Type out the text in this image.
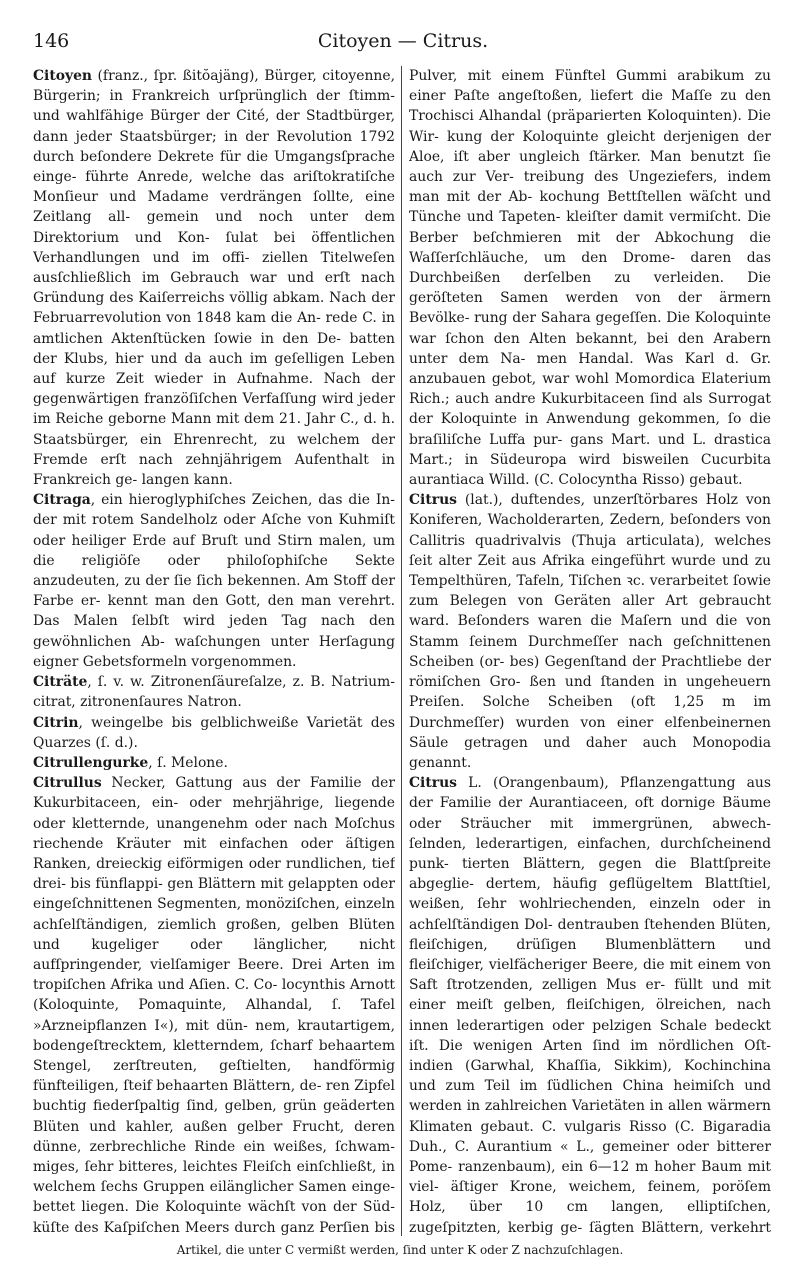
146	Citoyen — Citrus.

Citoyen (franz., ſpr. ßitŏajäng), Bürger, citoyenne, Bürgerin; in Frankreich urſprünglich der ſtimm- und wahlfähige Bürger der Cité, der Stadtbürger, dann jeder Staatsbürger; in der Revolution 1792 durch beſondere Dekrete für die Umgangsſprache einge- führte Anrede, welche das ariſtokratiſche Monſieur und Madame verdrängen ſollte, eine Zeitlang all- gemein und noch unter dem Direktorium und Kon- ſulat bei öffentlichen Verhandlungen und im offi- ziellen Titelweſen ausſchließlich im Gebrauch war und erſt nach Gründung des Kaiſerreichs völlig abkam. Nach der Februarrevolution von 1848 kam die An- rede C. in amtlichen Aktenſtücken ſowie in den De- batten der Klubs, hier und da auch im geſelligen Leben auf kurze Zeit wieder in Aufnahme. Nach der gegenwärtigen franzöſiſchen Verfaſſung wird jeder im Reiche geborne Mann mit dem 21. Jahr C., d. h. Staatsbürger, ein Ehrenrecht, zu welchem der Fremde erſt nach zehnjährigem Aufenthalt in Frankreich ge- langen kann.

Citraga, ein hieroglyphiſches Zeichen, das die In- der mit rotem Sandelholz oder Aſche von Kuhmiſt oder heiliger Erde auf Bruſt und Stirn malen, um die religiöſe oder philoſophiſche Sekte anzudeuten, zu der ſie ſich bekennen. Am Stoff der Farbe er- kennt man den Gott, den man verehrt. Das Malen ſelbſt wird jeden Tag nach den gewöhnlichen Ab- waſchungen unter Herſagung eigner Gebetsformeln vorgenommen.

Citräte, ſ. v. w. Zitronenſäureſalze, z. B. Natrium- citrat, zitronenſaures Natron.

Citrin, weingelbe bis gelblichweiße Varietät des Quarzes (ſ. d.).

Citrullengurke, ſ. Melone.

Citrullus Necker, Gattung aus der Familie der Kukurbitaceen, ein- oder mehrjährige, liegende oder kletternde, unangenehm oder nach Moſchus riechende Kräuter mit einfachen oder äſtigen Ranken, dreieckig eiförmigen oder rundlichen, tief drei- bis fünflappi- gen Blättern mit gelappten oder eingeſchnittenen Segmenten, monöziſchen, einzeln achſelſtändigen, ziemlich großen, gelben Blüten und kugeliger oder länglicher, nicht aufſpringender, vielſamiger Beere. Drei Arten im tropiſchen Afrika und Aſien. C. Co- locynthis Arnott (Koloquinte, Pomaquinte, Alhandal, ſ. Tafel »Arzneipflanzen I«), mit dün- nem, krautartigem, bodengeſtrecktem, kletterndem, ſcharf behaartem Stengel, zerſtreuten, geſtielten, handförmig fünfteiligen, ſteif behaarten Blättern, de- ren Zipfel buchtig fiederſpaltig ſind, gelben, grün geäderten Blüten und kahler, außen gelber Frucht, deren dünne, zerbrechliche Rinde ein weißes, ſchwam- miges, ſehr bitteres, leichtes Fleiſch einſchließt, in welchem ſechs Gruppen eilänglicher Samen einge- bettet liegen. Die Koloquinte wächſt von der Süd- küſte des Kaſpiſchen Meers durch ganz Perſien bis

Pulver, mit einem Fünftel Gummi arabikum zu einer Paſte angeſtoßen, liefert die Maſſe zu den Trochisci Alhandal (präparierten Koloquinten). Die Wir- kung der Koloquinte gleicht derjenigen der Aloe, iſt aber ungleich ſtärker. Man benutzt ſie auch zur Ver- treibung des Ungeziefers, indem man mit der Ab- kochung Bettſtellen wäſcht und Tünche und Tapeten- kleiſter damit vermiſcht. Die Berber beſchmieren mit der Abkochung die Waſſerſchläuche, um den Drome- daren das Durchbeißen derſelben zu verleiden. Die geröſteten Samen werden von der ärmern Bevölke- rung der Sahara gegeſſen. Die Koloquinte war ſchon den Alten bekannt, bei den Arabern unter dem Na- men Handal. Was Karl d. Gr. anzubauen gebot, war wohl Momordica Elaterium Rich.; auch andre Kukurbitaceen ſind als Surrogat der Koloquinte in Anwendung gekommen, ſo die braſiliſche Luffa pur- gans Mart. und L. drastica Mart.; in Südeuropa wird bisweilen Cucurbita aurantiaca Willd. (C. Colocyntha Risso) gebaut.

Citrus (lat.), duftendes, unzerſtörbares Holz von Koniferen, Wacholderarten, Zedern, beſonders von Callitris quadrivalvis (Thuja articulata), welches ſeit alter Zeit aus Afrika eingeführt wurde und zu Tempelthüren, Tafeln, Tiſchen ꝛc. verarbeitet ſowie zum Belegen von Geräten aller Art gebraucht ward. Beſonders waren die Maſern und die von Stamm ſeinem Durchmeſſer nach geſchnittenen Scheiben (or- bes) Gegenſtand der Prachtliebe der römiſchen Gro- ßen und ſtanden in ungeheuern Preiſen. Solche Scheiben (oft 1,25 m im Durchmeſſer) wurden von einer elfenbeinernen Säule getragen und daher auch Monopodia genannt.

Citrus L. (Orangenbaum), Pflanzengattung aus der Familie der Aurantiaceen, oft dornige Bäume oder Sträucher mit immergrünen, abwech- ſelnden, lederartigen, einfachen, durchſcheinend punk- tierten Blättern, gegen die Blattſpreite abgeglie- dertem, häufig geflügeltem Blattſtiel, weißen, ſehr wohlriechenden, einzeln oder in achſelſtändigen Dol- dentrauben ſtehenden Blüten, fleiſchigen, drüſigen Blumenblättern und fleiſchiger, vielfächeriger Beere, die mit einem von Saft ſtrotzenden, zelligen Mus er- füllt und mit einer meiſt gelben, fleiſchigen, ölreichen, nach innen lederartigen oder pelzigen Schale bedeckt iſt. Die wenigen Arten ſind im nördlichen Oſt- indien (Garwhal, Khaſſia, Sikkim), Kochinchina und zum Teil im ſüdlichen China heimiſch und werden in zahlreichen Varietäten in allen wärmern Klimaten gebaut. C. vulgaris Risso (C. Bigaradia Duh., C. Aurantium « L., gemeiner oder bitterer Pome- ranzenbaum), ein 6—12 m hoher Baum mit viel- äſtiger Krone, weichem, feinem, poröſem Holz, über 10 cm langen, elliptiſchen, zugeſpitzten, kerbig ge- ſägten Blättern, verkehrt

Artikel, die unter C vermißt werden, ſind unter K oder Z nachzuſchlagen.
